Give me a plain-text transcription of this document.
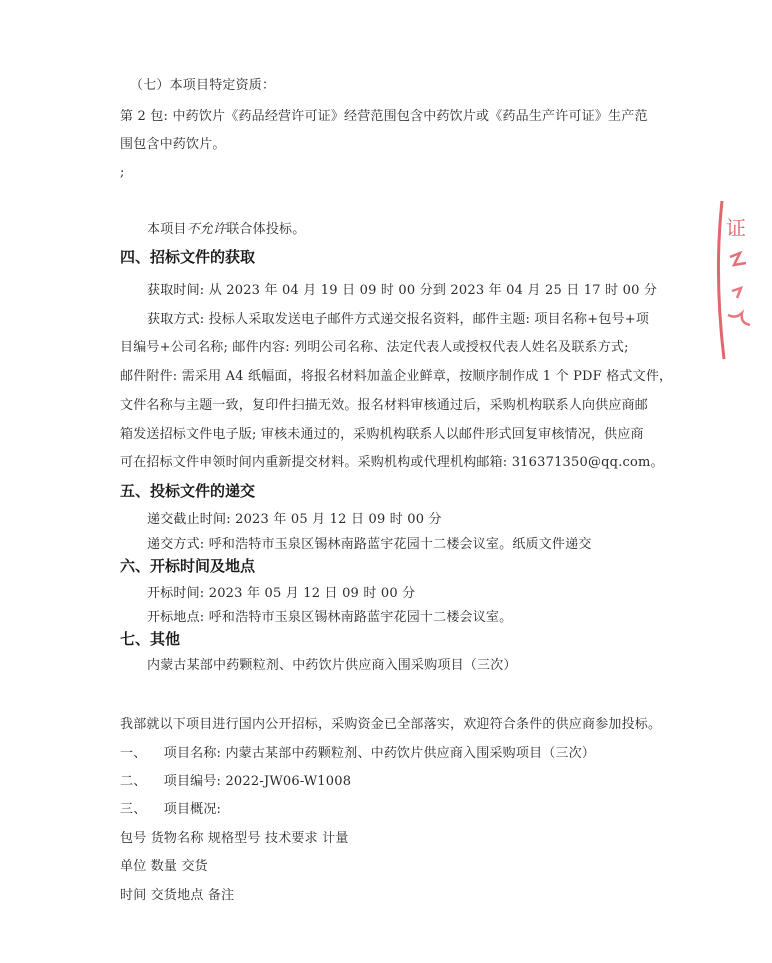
（七）本项目特定资质：
第 2 包: 中药饮片《药品经营许可证》经营范围包含中药饮片或《药品生产许可证》生产范
围包含中药饮片。
;
本项目不允许联合体投标。
四、招标文件的获取
获取时间: 从 2023 年 04 月 19 日 09 时 00 分到 2023 年 04 月 25 日 17 时 00 分
获取方式: 投标人采取发送电子邮件方式递交报名资料，邮件主题: 项目名称+包号+项
目编号+公司名称; 邮件内容: 列明公司名称、法定代表人或授权代表人姓名及联系方式;
邮件附件: 需采用 A4 纸幅面，将报名材料加盖企业鲜章，按顺序制作成 1 个 PDF 格式文件，
文件名称与主题一致，复印件扫描无效。报名材料审核通过后，采购机构联系人向供应商邮
箱发送招标文件电子版; 审核未通过的，采购机构联系人以邮件形式回复审核情况，供应商
可在招标文件申领时间内重新提交材料。采购机构或代理机构邮箱: 316371350@qq.com。
五、投标文件的递交
递交截止时间: 2023 年 05 月 12 日 09 时 00 分
递交方式: 呼和浩特市玉泉区锡林南路蓝宇花园十二楼会议室。纸质文件递交
六、开标时间及地点
开标时间: 2023 年 05 月 12 日 09 时 00 分
开标地点: 呼和浩特市玉泉区锡林南路蓝宇花园十二楼会议室。
七、其他
内蒙古某部中药颗粒剂、中药饮片供应商入围采购项目（三次）
我部就以下项目进行国内公开招标，采购资金已全部落实，欢迎符合条件的供应商参加投标。
一、 项目名称: 内蒙古某部中药颗粒剂、中药饮片供应商入围采购项目（三次）
二、 项目编号: 2022-JW06-W1008
三、 项目概况:
包号 货物名称 规格型号 技术要求 计量
单位 数量 交货
时间 交货地点 备注
证
